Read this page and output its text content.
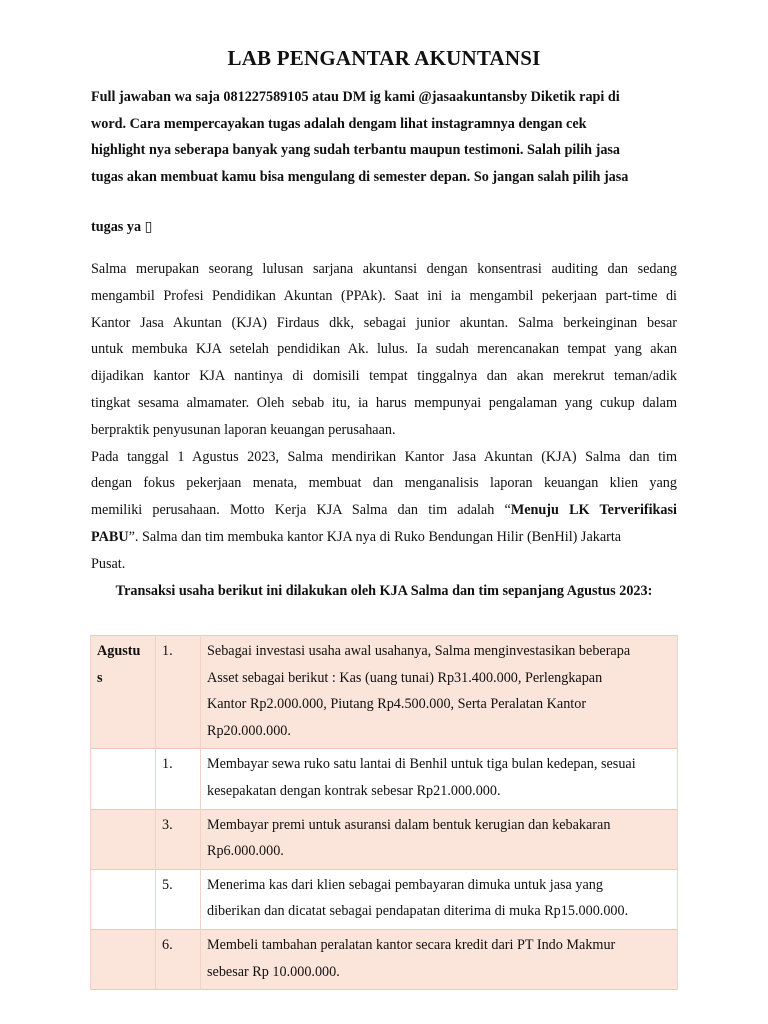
LAB PENGANTAR AKUNTANSI
Full jawaban wa saja 081227589105 atau DM ig kami @jasaakuntansby Diketik rapi di
word. Cara mempercayakan tugas adalah dengam lihat instagramnya dengan cek
highlight nya seberapa banyak yang sudah terbantu maupun testimoni. Salah pilih jasa
tugas akan membuat kamu bisa mengulang di semester depan. So jangan salah pilih jasa
tugas ya ▯
Salma merupakan seorang lulusan sarjana akuntansi dengan konsentrasi auditing dan sedang
mengambil Profesi Pendidikan Akuntan (PPAk). Saat ini ia mengambil pekerjaan part-time di
Kantor Jasa Akuntan (KJA) Firdaus dkk, sebagai junior akuntan. Salma berkeinginan besar
untuk membuka KJA setelah pendidikan Ak. lulus. Ia sudah merencanakan tempat yang akan
dijadikan kantor KJA nantinya di domisili tempat tinggalnya dan akan merekrut teman/adik
tingkat sesama almamater. Oleh sebab itu, ia harus mempunyai pengalaman yang cukup dalam
berpraktik penyusunan laporan keuangan perusahaan.
Pada tanggal 1 Agustus 2023, Salma mendirikan Kantor Jasa Akuntan (KJA) Salma dan tim
dengan fokus pekerjaan menata, membuat dan menganalisis laporan keuangan klien yang
memiliki perusahaan. Motto Kerja KJA Salma dan tim adalah “Menuju LK Terverifikasi
PABU”. Salma dan tim membuka kantor KJA nya di Ruko Bendungan Hilir (BenHil) Jakarta
Pusat.
Transaksi usaha berikut ini dilakukan oleh KJA Salma dan tim sepanjang Agustus 2023:
Agustu
s	1.	Sebagai investasi usaha awal usahanya, Salma menginvestasikan beberapa
Asset sebagai berikut : Kas (uang tunai) Rp31.400.000, Perlengkapan
Kantor Rp2.000.000, Piutang Rp4.500.000, Serta Peralatan Kantor
Rp20.000.000.

	1.	Membayar sewa ruko satu lantai di Benhil untuk tiga bulan kedepan, sesuai
kesepakatan dengan kontrak sebesar Rp21.000.000.

	3.	Membayar premi untuk asuransi dalam bentuk kerugian dan kebakaran
Rp6.000.000.

	5.	Menerima kas dari klien sebagai pembayaran dimuka untuk jasa yang
diberikan dan dicatat sebagai pendapatan diterima di muka Rp15.000.000.

	6.	Membeli tambahan peralatan kantor secara kredit dari PT Indo Makmur
sebesar Rp 10.000.000.
